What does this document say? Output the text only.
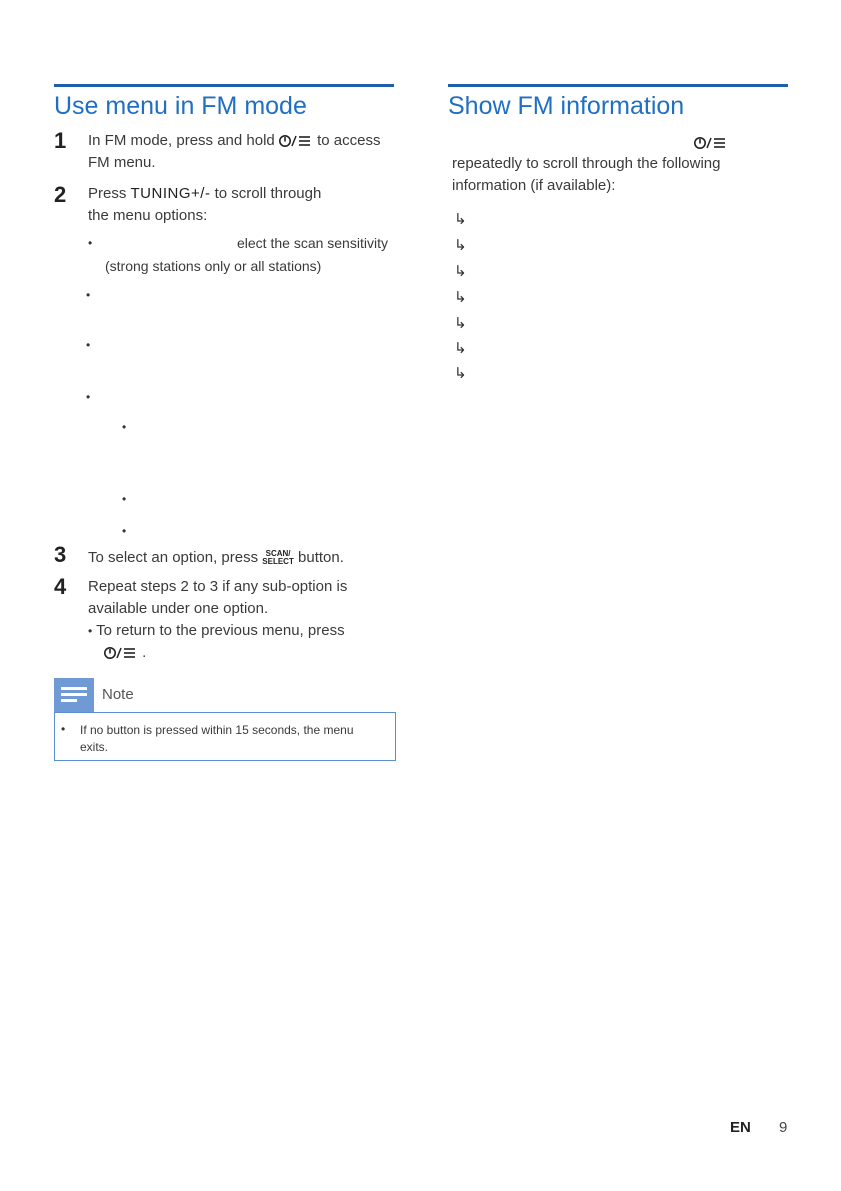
Use menu in FM mode
1 In FM mode, press and hold	to access
FM menu.
2 Press TUNING+/- to scroll through
the menu options:
•	elect the scan sensitivity
(strong stations only or all stations)
•
•
•
•
•
•
3 To select an option, press SCAN/
SELECT button.
4 Repeat steps 2 to 3 if any sub-option is
available under one option.
• To return to the previous menu, press
.
Note
• If no button is pressed within 15 seconds, the menu
exits.
Show FM information
repeatedly to scroll through the following
information (if available):
↳
↳
↳
↳
↳
↳
↳
EN 9
